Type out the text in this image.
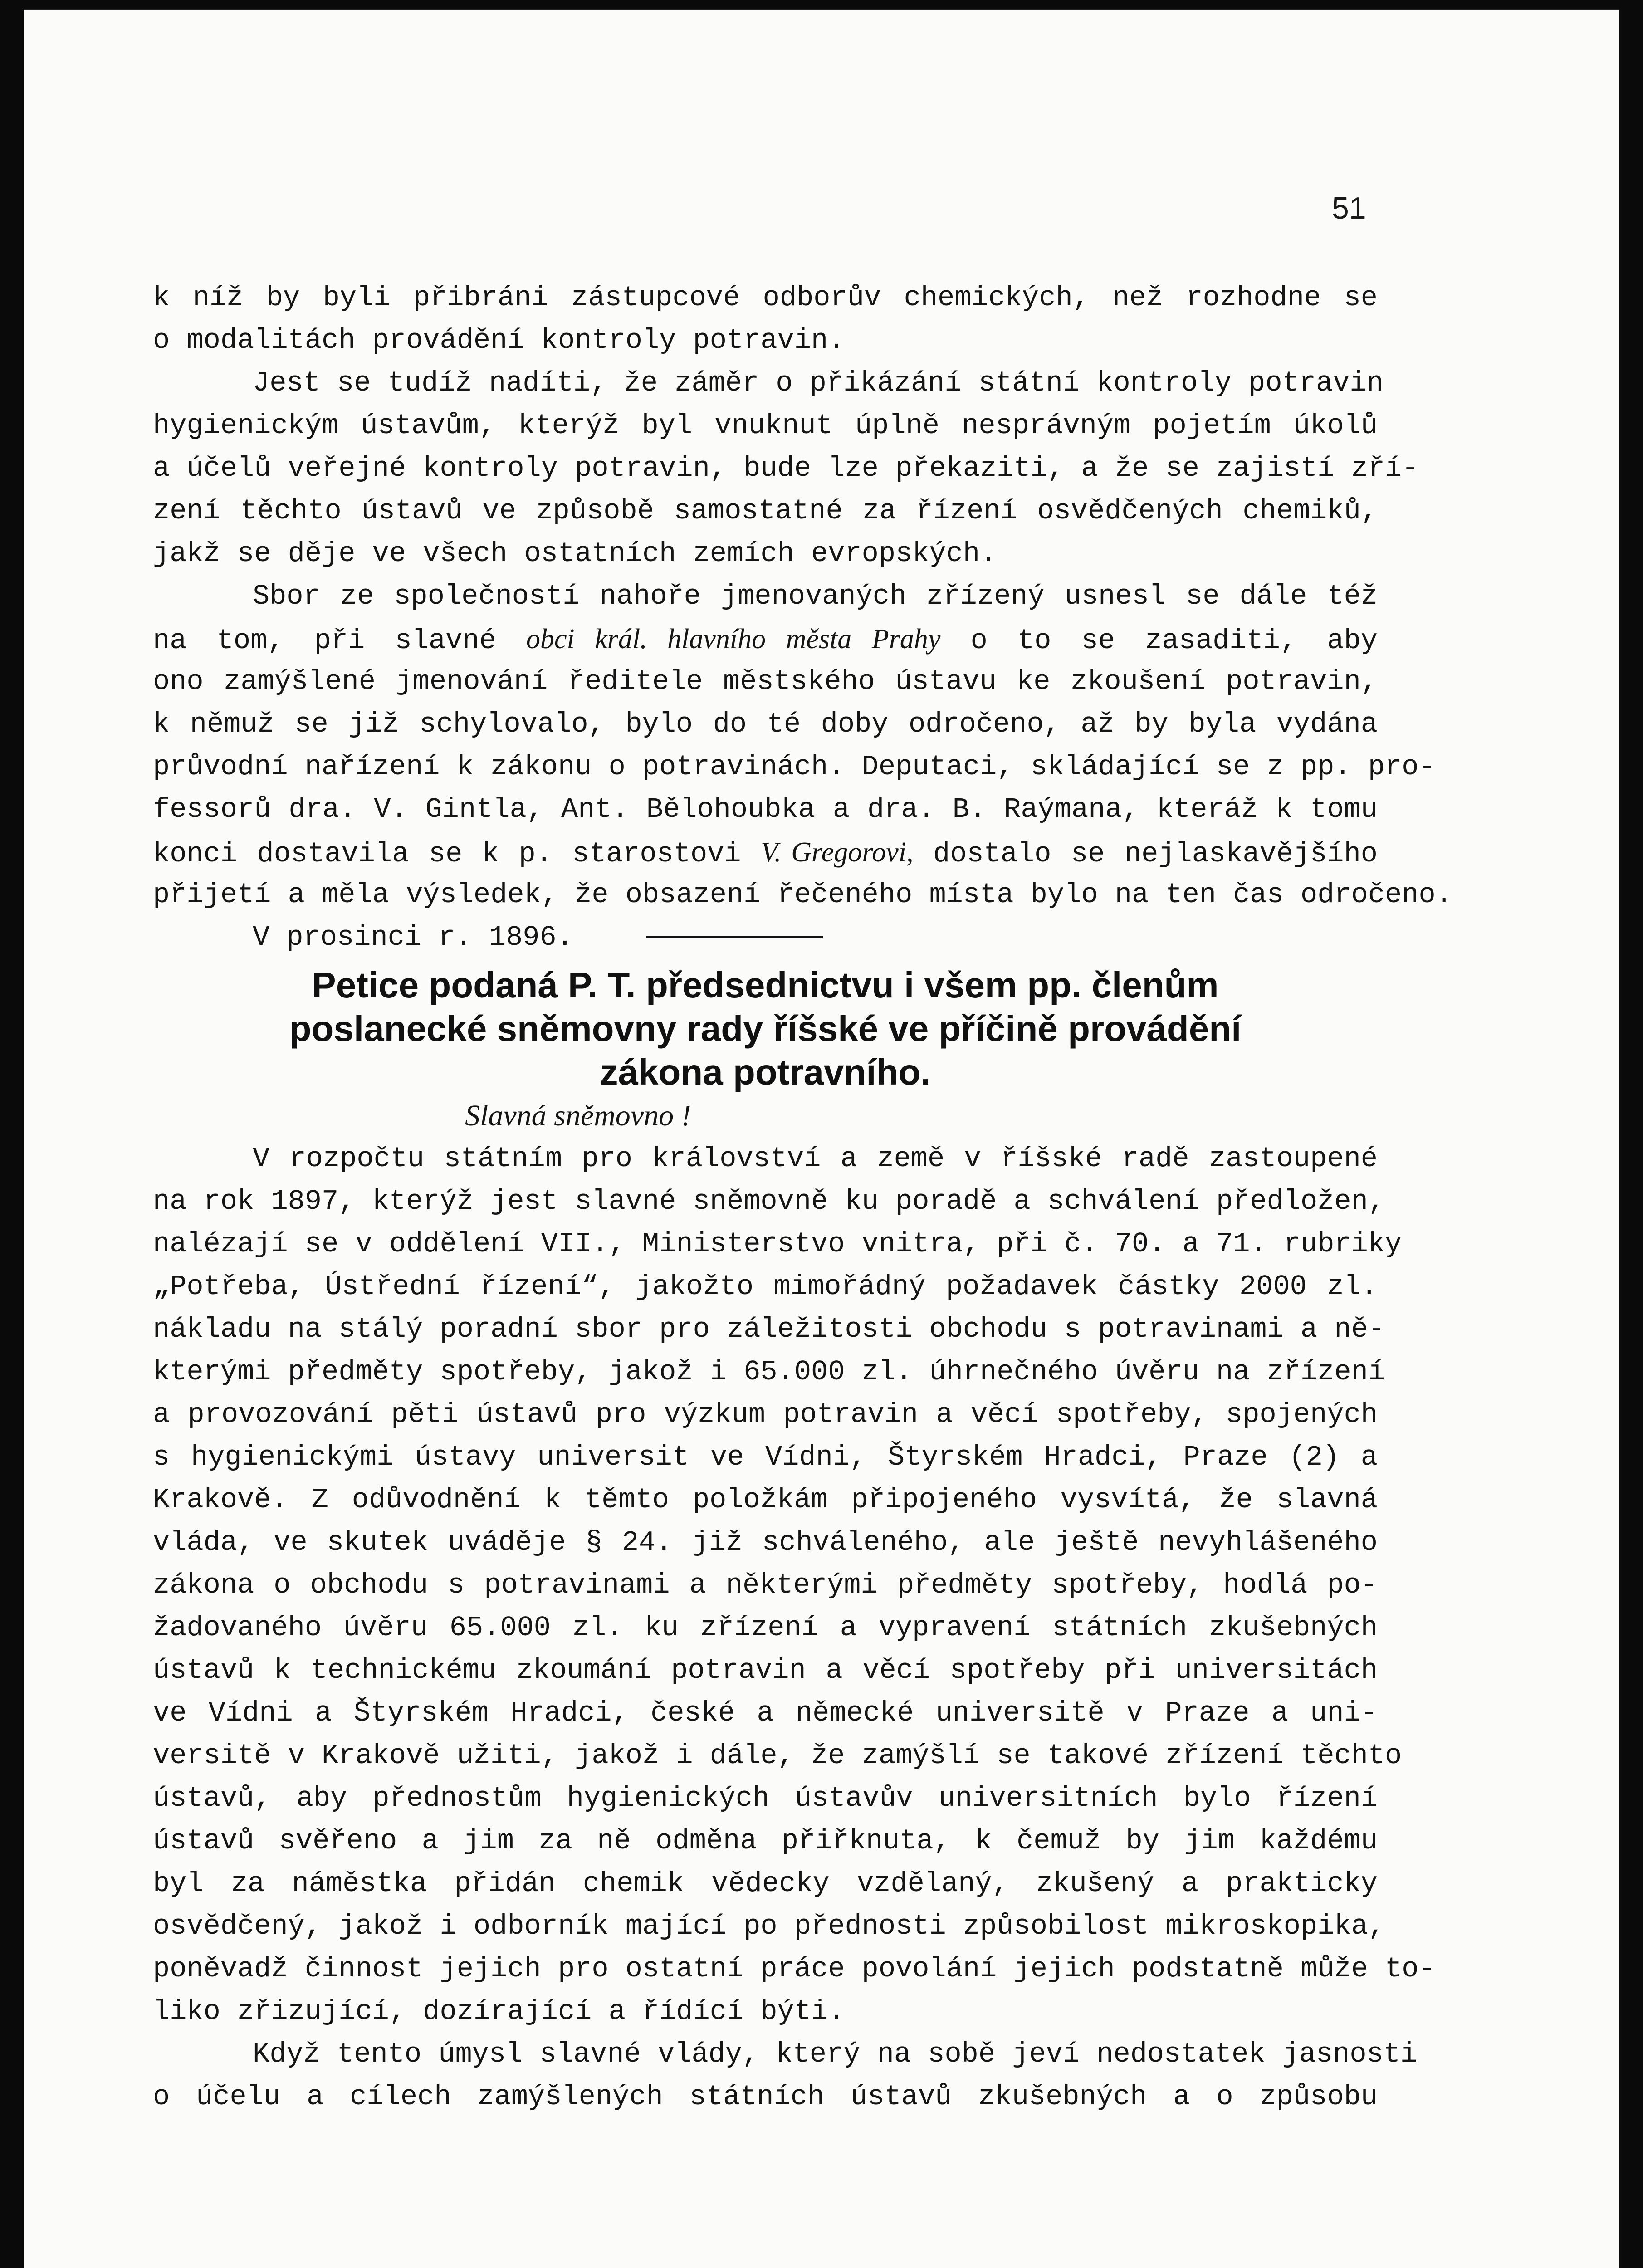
51
k níž by byli přibráni zástupcové odborův chemických, než rozhodne se
o modalitách provádění kontroly potravin.
Jest se tudíž nadíti, že záměr o přikázání státní kontroly potravin
hygienickým ústavům, kterýž byl vnuknut úplně nesprávným pojetím úkolů
a účelů veřejné kontroly potravin, bude lze překaziti, a že se zajistí zří-
zení těchto ústavů ve způsobě samostatné za řízení osvědčených chemiků,
jakž se děje ve všech ostatních zemích evropských.
Sbor ze společností nahoře jmenovaných zřízený usnesl se dále též
na tom, při slavné obci král. hlavního města Prahy o to se zasaditi, aby
ono zamýšlené jmenování ředitele městského ústavu ke zkoušení potravin,
k němuž se již schylovalo, bylo do té doby odročeno, až by byla vydána
průvodní nařízení k zákonu o potravinách. Deputaci, skládající se z pp. pro-
fessorů dra. V. Gintla, Ant. Bělohoubka a dra. B. Raýmana, kteráž k tomu
konci dostavila se k p. starostovi V. Gregorovi, dostalo se nejlaskavějšího
přijetí a měla výsledek, že obsazení řečeného místa bylo na ten čas odročeno.
V prosinci r. 1896.
Petice podaná P. T. předsednictvu i všem pp. členům
poslanecké sněmovny rady říšské ve příčině provádění
zákona potravního.
Slavná sněmovno !
V rozpočtu státním pro království a země v říšské radě zastoupené
na rok 1897, kterýž jest slavné sněmovně ku poradě a schválení předložen,
nalézají se v oddělení VII., Ministerstvo vnitra, při č. 70. a 71. rubriky
„Potřeba, Ústřední řízení“, jakožto mimořádný požadavek částky 2000 zl.
nákladu na stálý poradní sbor pro záležitosti obchodu s potravinami a ně-
kterými předměty spotřeby, jakož i 65.000 zl. úhrnečného úvěru na zřízení
a provozování pěti ústavů pro výzkum potravin a věcí spotřeby, spojených
s hygienickými ústavy universit ve Vídni, Štyrském Hradci, Praze (2) a
Krakově. Z odůvodnění k těmto položkám připojeného vysvítá, že slavná
vláda, ve skutek uváděje § 24. již schváleného, ale ještě nevyhlášeného
zákona o obchodu s potravinami a některými předměty spotřeby, hodlá po-
žadovaného úvěru 65.000 zl. ku zřízení a vypravení státních zkušebných
ústavů k technickému zkoumání potravin a věcí spotřeby při universitách
ve Vídni a Štyrském Hradci, české a německé universitě v Praze a uni-
versitě v Krakově užiti, jakož i dále, že zamýšlí se takové zřízení těchto
ústavů, aby přednostům hygienických ústavův universitních bylo řízení
ústavů svěřeno a jim za ně odměna přiřknuta, k čemuž by jim každému
byl za náměstka přidán chemik vědecky vzdělaný, zkušený a prakticky
osvědčený, jakož i odborník mající po přednosti způsobilost mikroskopika,
poněvadž činnost jejich pro ostatní práce povolání jejich podstatně může to-
liko zřizující, dozírající a řídící býti.
Když tento úmysl slavné vlády, který na sobě jeví nedostatek jasnosti
o účelu a cílech zamýšlených státních ústavů zkušebných a o způsobu
